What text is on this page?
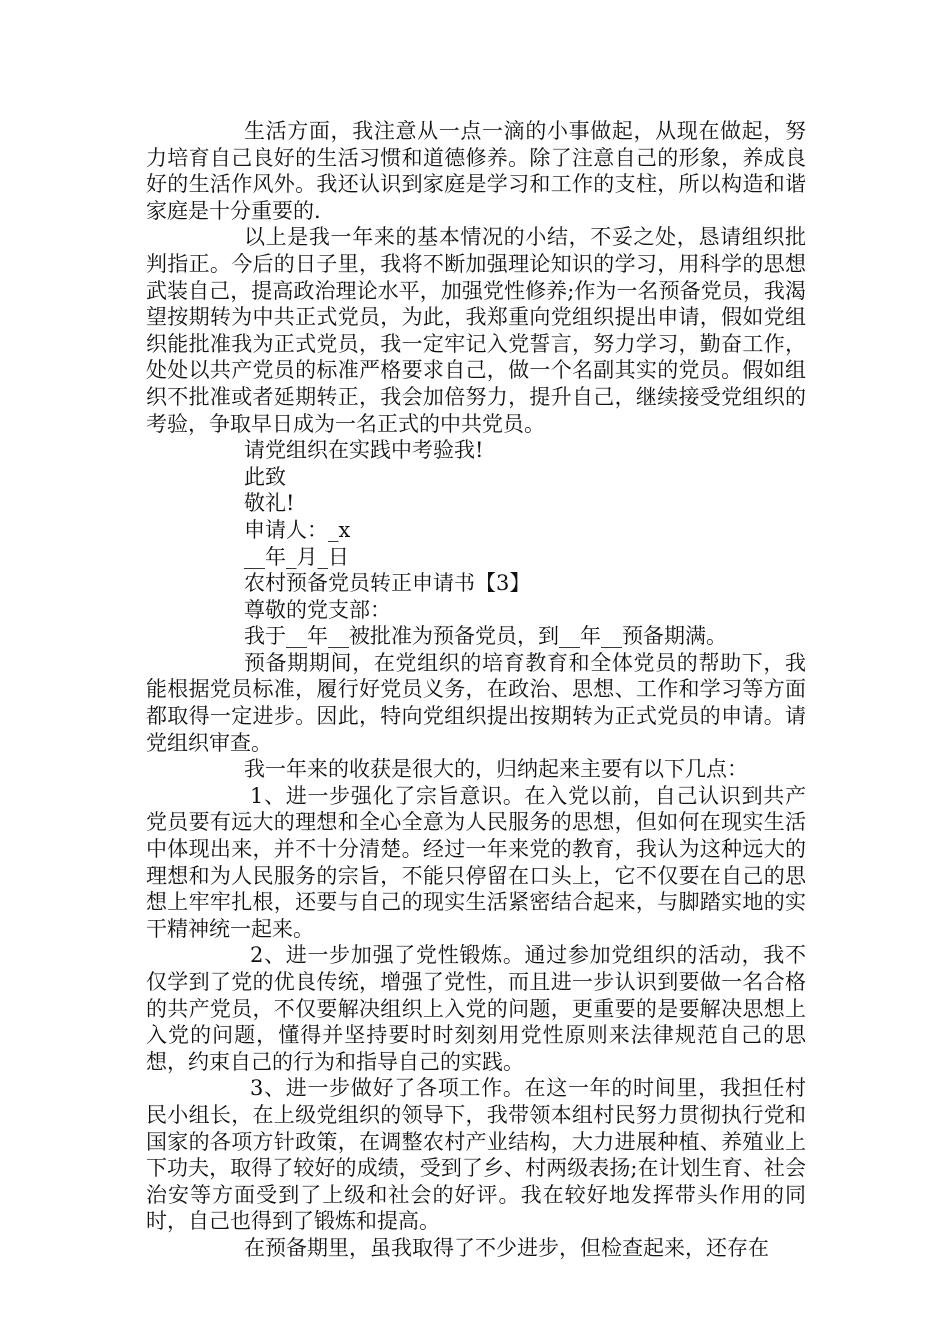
生活方面，我注意从一点一滴的小事做起，从现在做起，努力培育自己良好的生活习惯和道德修养。除了注意自己的形象，养成良好的生活作风外。我还认识到家庭是学习和工作的支柱，所以构造和谐家庭是十分重要的.

以上是我一年来的基本情况的小结，不妥之处，恳请组织批判指正。今后的日子里，我将不断加强理论知识的学习，用科学的思想武装自己，提高政治理论水平，加强党性修养;作为一名预备党员，我渴望按期转为中共正式党员，为此，我郑重向党组织提出申请，假如党组织能批准我为正式党员，我一定牢记入党誓言，努力学习，勤奋工作，处处以共产党员的标准严格要求自己，做一个名副其实的党员。假如组织不批准或者延期转正，我会加倍努力，提升自己，继续接受党组织的考验，争取早日成为一名正式的中共党员。

请党组织在实践中考验我!

此致

敬礼!

申请人：_x

__年_月_日

农村预备党员转正申请书【3】

尊敬的党支部：

我于__年__被批准为预备党员，到__年__预备期满。

预备期期间，在党组织的培育教育和全体党员的帮助下，我能根据党员标准，履行好党员义务，在政治、思想、工作和学习等方面都取得一定进步。因此，特向党组织提出按期转为正式党员的申请。请党组织审查。

我一年来的收获是很大的，归纳起来主要有以下几点：

1、进一步强化了宗旨意识。在入党以前，自己认识到共产党员要有远大的理想和全心全意为人民服务的思想，但如何在现实生活中体现出来，并不十分清楚。经过一年来党的教育，我认为这种远大的理想和为人民服务的宗旨，不能只停留在口头上，它不仅要在自己的思想上牢牢扎根，还要与自己的现实生活紧密结合起来，与脚踏实地的实干精神统一起来。

2、进一步加强了党性锻炼。通过参加党组织的活动，我不仅学到了党的优良传统，增强了党性，而且进一步认识到要做一名合格的共产党员，不仅要解决组织上入党的问题，更重要的是要解决思想上入党的问题，懂得并坚持要时时刻刻用党性原则来法律规范自己的思想，约束自己的行为和指导自己的实践。

3、进一步做好了各项工作。在这一年的时间里，我担任村民小组长，在上级党组织的领导下，我带领本组村民努力贯彻执行党和国家的各项方针政策，在调整农村产业结构，大力进展种植、养殖业上下功夫，取得了较好的成绩，受到了乡、村两级表扬;在计划生育、社会治安等方面受到了上级和社会的好评。我在较好地发挥带头作用的同时，自己也得到了锻炼和提高。

在预备期里，虽我取得了不少进步，但检查起来，还存在
